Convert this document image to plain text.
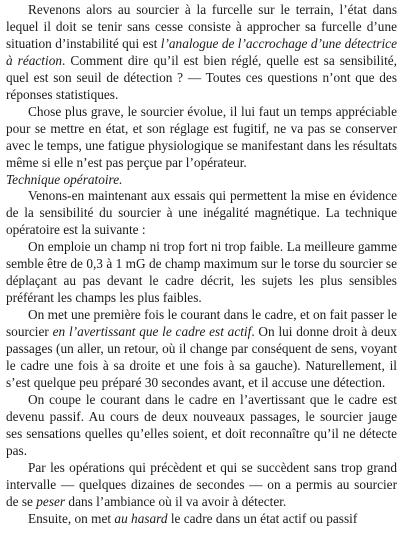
Revenons alors au sourcier à la furcelle sur le terrain, l’état dans lequel il doit se tenir sans cesse consiste à approcher sa furcelle d’une situation d’instabilité qui est l’analogue de l’accrochage d’une détectrice à réaction. Comment dire qu’il est bien réglé, quelle est sa sensibilité, quel est son seuil de détection ? — Toutes ces questions n’ont que des réponses statistiques.

Chose plus grave, le sourcier évolue, il lui faut un temps appréciable pour se mettre en état, et son réglage est fugitif, ne va pas se conserver avec le temps, une fatigue physiologique se manifestant dans les résultats même si elle n’est pas perçue par l’opérateur.

Technique opératoire.

Venons-en maintenant aux essais qui permettent la mise en évidence de la sensibilité du sourcier à une inégalité magnétique. La technique opératoire est la suivante :

On emploie un champ ni trop fort ni trop faible. La meilleure gamme semble être de 0,3 à 1 mG de champ maximum sur le torse du sourcier se déplaçant au pas devant le cadre décrit, les sujets les plus sensibles préférant les champs les plus faibles.

On met une première fois le courant dans le cadre, et on fait passer le sourcier en l’avertissant que le cadre est actif. On lui donne droit à deux passages (un aller, un retour, où il change par conséquent de sens, voyant le cadre une fois à sa droite et une fois à sa gauche). Naturellement, il s’est quelque peu préparé 30 secondes avant, et il accuse une détection.

On coupe le courant dans le cadre en l’avertissant que le cadre est devenu passif. Au cours de deux nouveaux passages, le sourcier jauge ses sensations quelles qu’elles soient, et doit reconnaître qu’il ne détecte pas.

Par les opérations qui précèdent et qui se succèdent sans trop grand intervalle — quelques dizaines de secondes — on a permis au sourcier de se peser dans l’ambiance où il va avoir à détecter.

Ensuite, on met au hasard le cadre dans un état actif ou passif
